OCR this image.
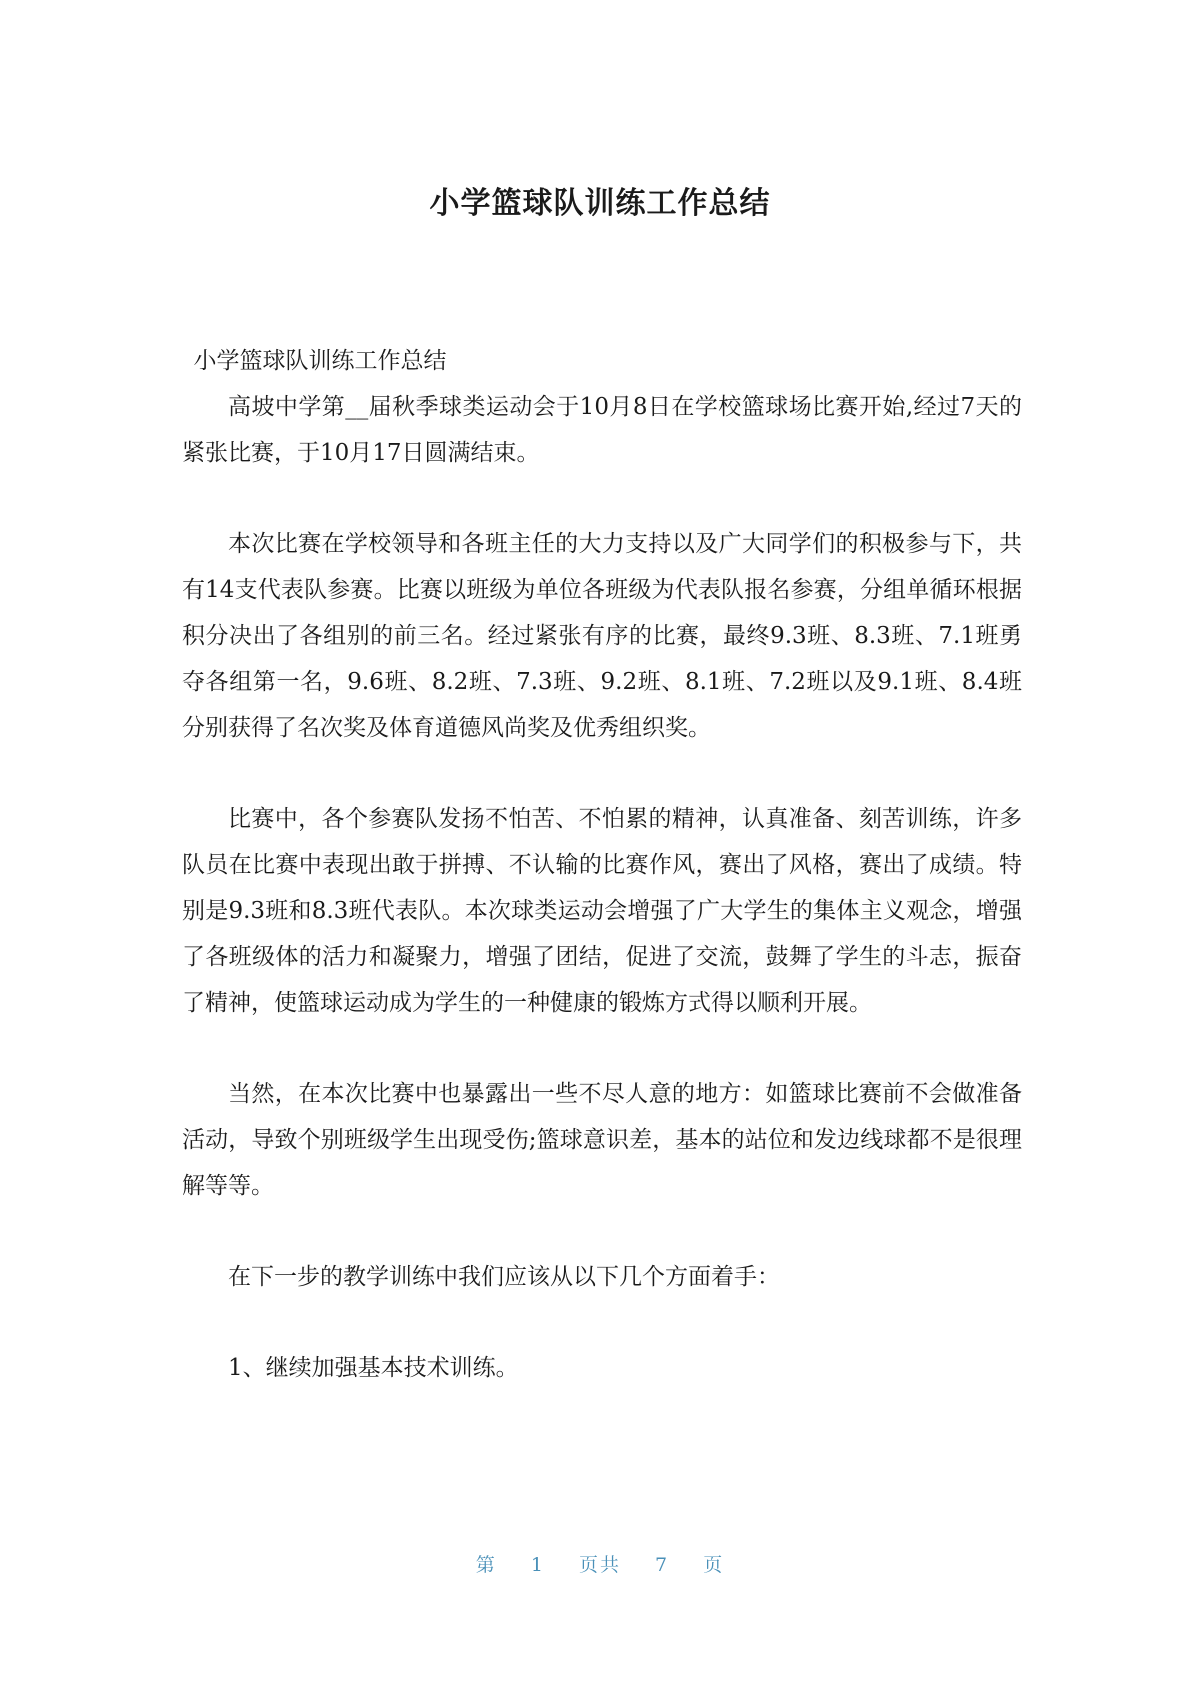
小学篮球队训练工作总结

小学篮球队训练工作总结

高坡中学第__届秋季球类运动会于10月8日在学校篮球场比赛开始,经过7天的紧张比赛，于10月17日圆满结束。

本次比赛在学校领导和各班主任的大力支持以及广大同学们的积极参与下，共有14支代表队参赛。比赛以班级为单位各班级为代表队报名参赛，分组单循环根据积分决出了各组别的前三名。经过紧张有序的比赛，最终9.3班、8.3班、7.1班勇夺各组第一名，9.6班、8.2班、7.3班、9.2班、8.1班、7.2班以及9.1班、8.4班分别获得了名次奖及体育道德风尚奖及优秀组织奖。

比赛中，各个参赛队发扬不怕苦、不怕累的精神，认真准备、刻苦训练，许多队员在比赛中表现出敢于拼搏、不认输的比赛作风，赛出了风格，赛出了成绩。特别是9.3班和8.3班代表队。本次球类运动会增强了广大学生的集体主义观念，增强了各班级体的活力和凝聚力，增强了团结，促进了交流，鼓舞了学生的斗志，振奋了精神，使篮球运动成为学生的一种健康的锻炼方式得以顺利开展。

当然，在本次比赛中也暴露出一些不尽人意的地方：如篮球比赛前不会做准备活动，导致个别班级学生出现受伤;篮球意识差，基本的站位和发边线球都不是很理解等等。

在下一步的教学训练中我们应该从以下几个方面着手：

1、继续加强基本技术训练。

第 1 页共 7 页
